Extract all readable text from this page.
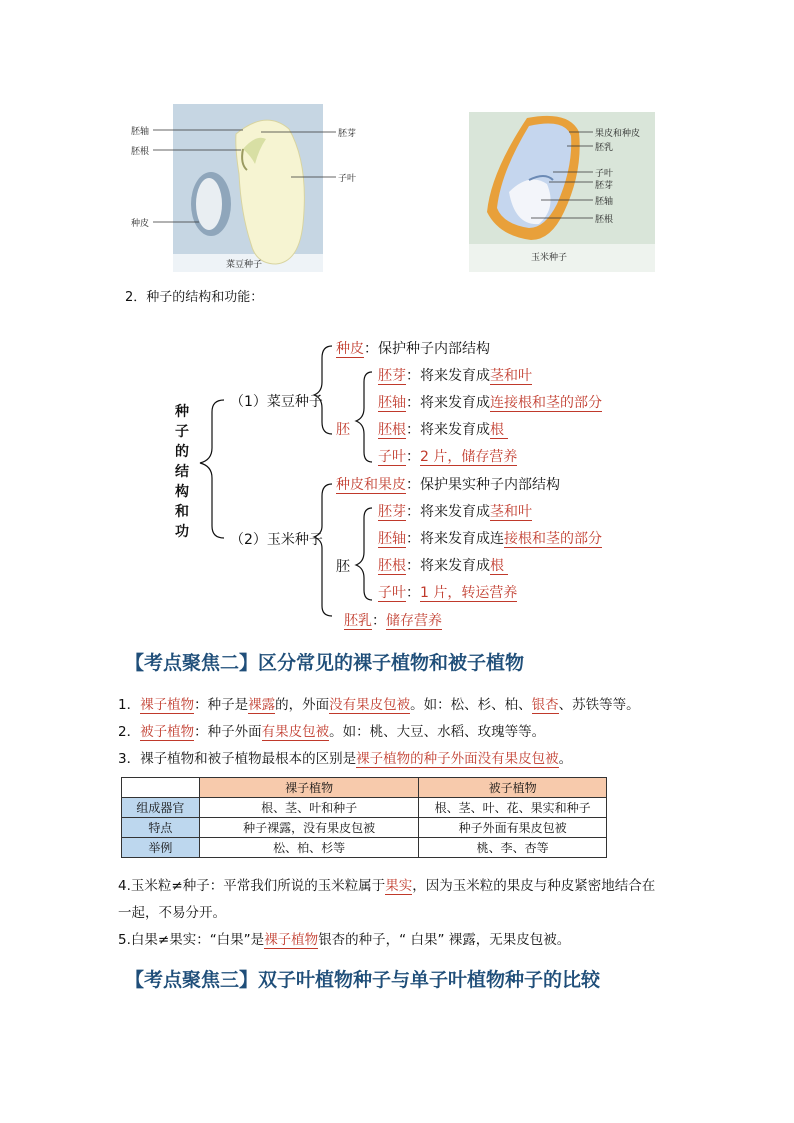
胚轴
胚根
种皮
胚芽
子叶
菜豆种子
果皮和种皮
胚乳
子叶
胚芽
胚轴
胚根
玉米种子
2．种子的结构和功能：
种
子
的
结
构
和
功
（1）菜豆种子
种皮：保护种子内部结构
胚
胚芽：将来发育成茎和叶
胚轴：将来发育成连接根和茎的部分
胚根：将来发育成根
子叶：2 片，储存营养
（2）玉米种子
种皮和果皮：保护果实种子内部结构
胚
胚芽：将来发育成茎和叶
胚轴：将来发育成连接根和茎的部分
胚根：将来发育成根
子叶：1 片，转运营养
胚乳：储存营养
【考点聚焦二】区分常见的裸子植物和被子植物
1．裸子植物：种子是裸露的，外面没有果皮包被。如：松、杉、柏、银杏、苏铁等等。
2．被子植物：种子外面有果皮包被。如：桃、大豆、水稻、玫瑰等等。
3．裸子植物和被子植物最根本的区别是裸子植物的种子外面没有果皮包被。
	裸子植物	被子植物
组成器官	根、茎、叶和种子	根、茎、叶、花、果实和种子
特点	种子裸露，没有果皮包被	种子外面有果皮包被
举例	松、柏、杉等	桃、李、杏等
4.玉米粒≠种子：平常我们所说的玉米粒属于果实，因为玉米粒的果皮与种皮紧密地结合在
一起，不易分开。
5.白果≠果实：“白果”是裸子植物银杏的种子，“ 白果” 裸露，无果皮包被。
【考点聚焦三】双子叶植物种子与单子叶植物种子的比较
